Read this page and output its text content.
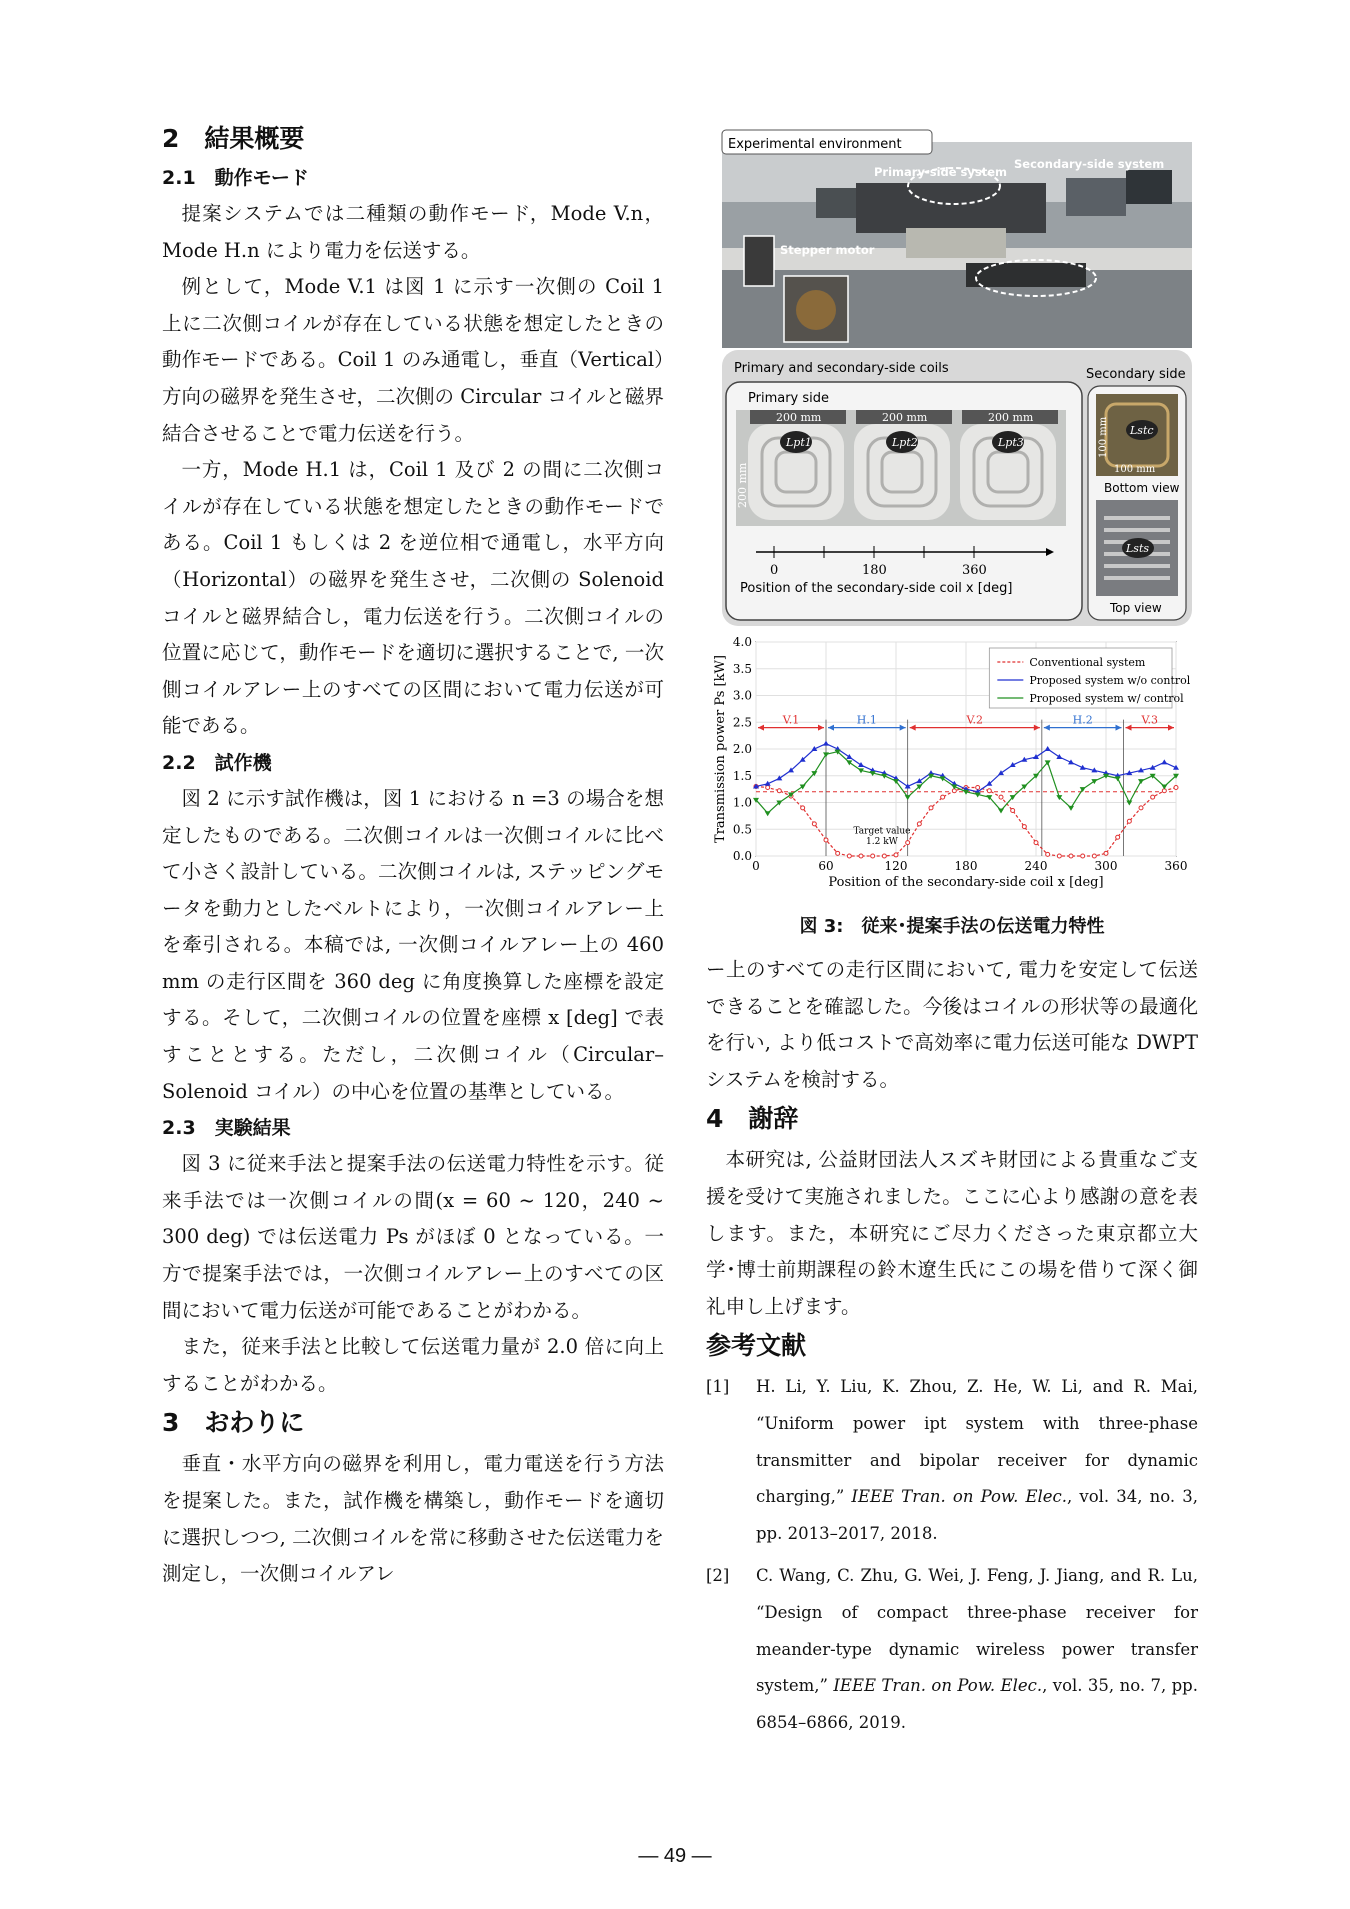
2　結果概要
2.1　動作モード

提案システムでは二種類の動作モード，Mode V.n，Mode H.n により電力を伝送する。

例として，Mode V.1 は図 1 に示す一次側の Coil 1 上に二次側コイルが存在している状態を想定したときの動作モードである。Coil 1 のみ通電し，垂直（Vertical）方向の磁界を発生させ，二次側の Circular コイルと磁界結合させることで電力伝送を行う。

一方，Mode H.1 は，Coil 1 及び 2 の間に二次側コイルが存在している状態を想定したときの動作モードである。Coil 1 もしくは 2 を逆位相で通電し，水平方向（Horizontal）の磁界を発生させ，二次側の Solenoid コイルと磁界結合し，電力伝送を行う。二次側コイルの位置に応じて，動作モードを適切に選択することで, 一次側コイルアレー上のすべての区間において電力伝送が可能である。

2.2　試作機

図 2 に示す試作機は，図 1 における n =3 の場合を想定したものである。二次側コイルは一次側コイルに比べて小さく設計している。二次側コイルは, ステッピングモータを動力としたベルトにより，一次側コイルアレー上を牽引される。本稿では, 一次側コイルアレー上の 460 mm の走行区間を 360 deg に角度換算した座標を設定する。そして，二次側コイルの位置を座標 x [deg] で表すこととする。ただし，二次側コイル（Circular–Solenoid コイル）の中心を位置の基準としている。

2.3　実験結果

図 3 に従来手法と提案手法の伝送電力特性を示す。従来手法では一次側コイルの間(x = 60 ~ 120，240 ~ 300 deg) では伝送電力 Ps がほぼ 0 となっている。一方で提案手法では，一次側コイルアレー上のすべての区間において電力伝送が可能であることがわかる。

また，従来手法と比較して伝送電力量が 2.0 倍に向上することがわかる。

3　おわりに

垂直・水平方向の磁界を利用し，電力電送を行う方法を提案した。また，試作機を構築し，動作モードを適切に選択しつつ, 二次側コイルを常に移動させた伝送電力を測定し，一次側コイルアレ

Experimental environment
Primary-side system
Secondary-side system
Stepper motor
Primary and secondary-side coils	Secondary side
Primary side
Lpt1	Lpt2	Lpt3
200 mm	200 mm	200 mm
200 mm
0	180	360
Position of the secondary-side coil x [deg]
Lstc
100 mm
100 mm
Bottom view
Lsts
Top view
0.0
0.5
1.0
1.5
2.0
2.5
3.0
3.5
4.0
0	60	120	180	240	300	360
Position of the secondary-side coil x [deg]
Transmission power Ps [kW]	Target value
1.2 kW
V.1	H.1	V.2	H.2	V.3
Conventional system
Proposed system w/o control
Proposed system w/ control
図 3:　従来･提案手法の伝送電力特性

ー上のすべての走行区間において, 電力を安定して伝送できることを確認した。今後はコイルの形状等の最適化を行い, より低コストで高効率に電力伝送可能な DWPT システムを検討する。

4　謝辞

本研究は, 公益財団法人スズキ財団による貴重なご支援を受けて実施されました。ここに心より感謝の意を表します。また，本研究にご尽力くださった東京都立大学･博士前期課程の鈴木遼生氏にこの場を借りて深く御礼申し上げます。

参考文献
[1]	H. Li, Y. Liu, K. Zhou, Z. He, W. Li, and R. Mai, “Uniform power ipt system with three-phase transmitter and bipolar receiver for dynamic charging,” IEEE Tran. on Pow. Elec., vol. 34, no. 3, pp. 2013–2017, 2018.
[2]	C. Wang, C. Zhu, G. Wei, J. Feng, J. Jiang, and R. Lu, “Design of compact three-phase receiver for meander-type dynamic wireless power transfer system,” IEEE Tran. on Pow. Elec., vol. 35, no. 7, pp. 6854–6866, 2019.
— 49 —
